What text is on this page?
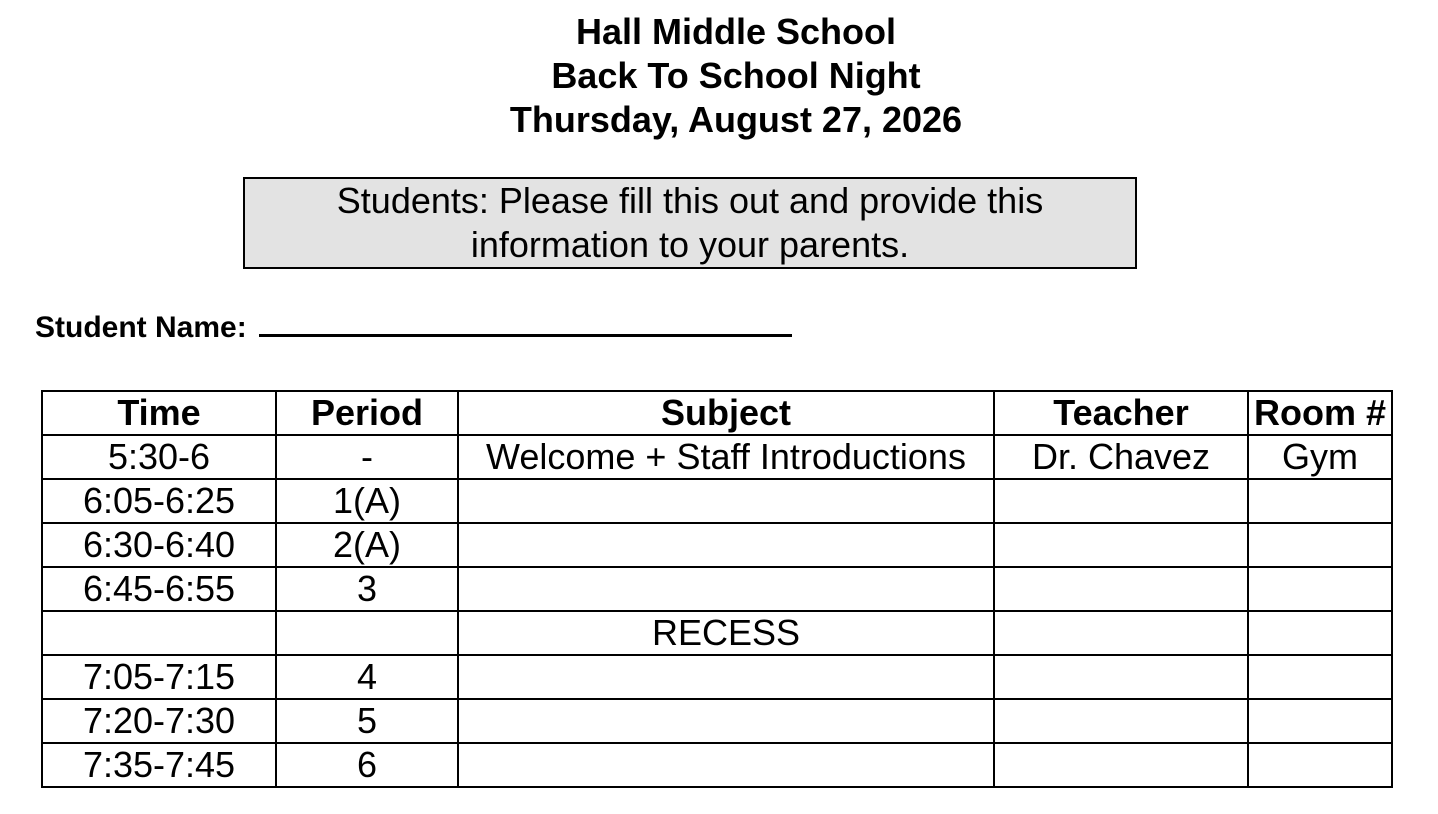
Hall Middle School
Back To School Night
Thursday, August 27, 2026
Students: Please fill this out and provide this
information to your parents.
Student Name:
Time	Period	Subject	Teacher	Room #
5:30-6	-	Welcome + Staff Introductions	Dr. Chavez	Gym
6:05-6:25	1(A)			
6:30-6:40	2(A)			
6:45-6:55	3			
		RECESS		
7:05-7:15	4			
7:20-7:30	5			
7:35-7:45	6			
